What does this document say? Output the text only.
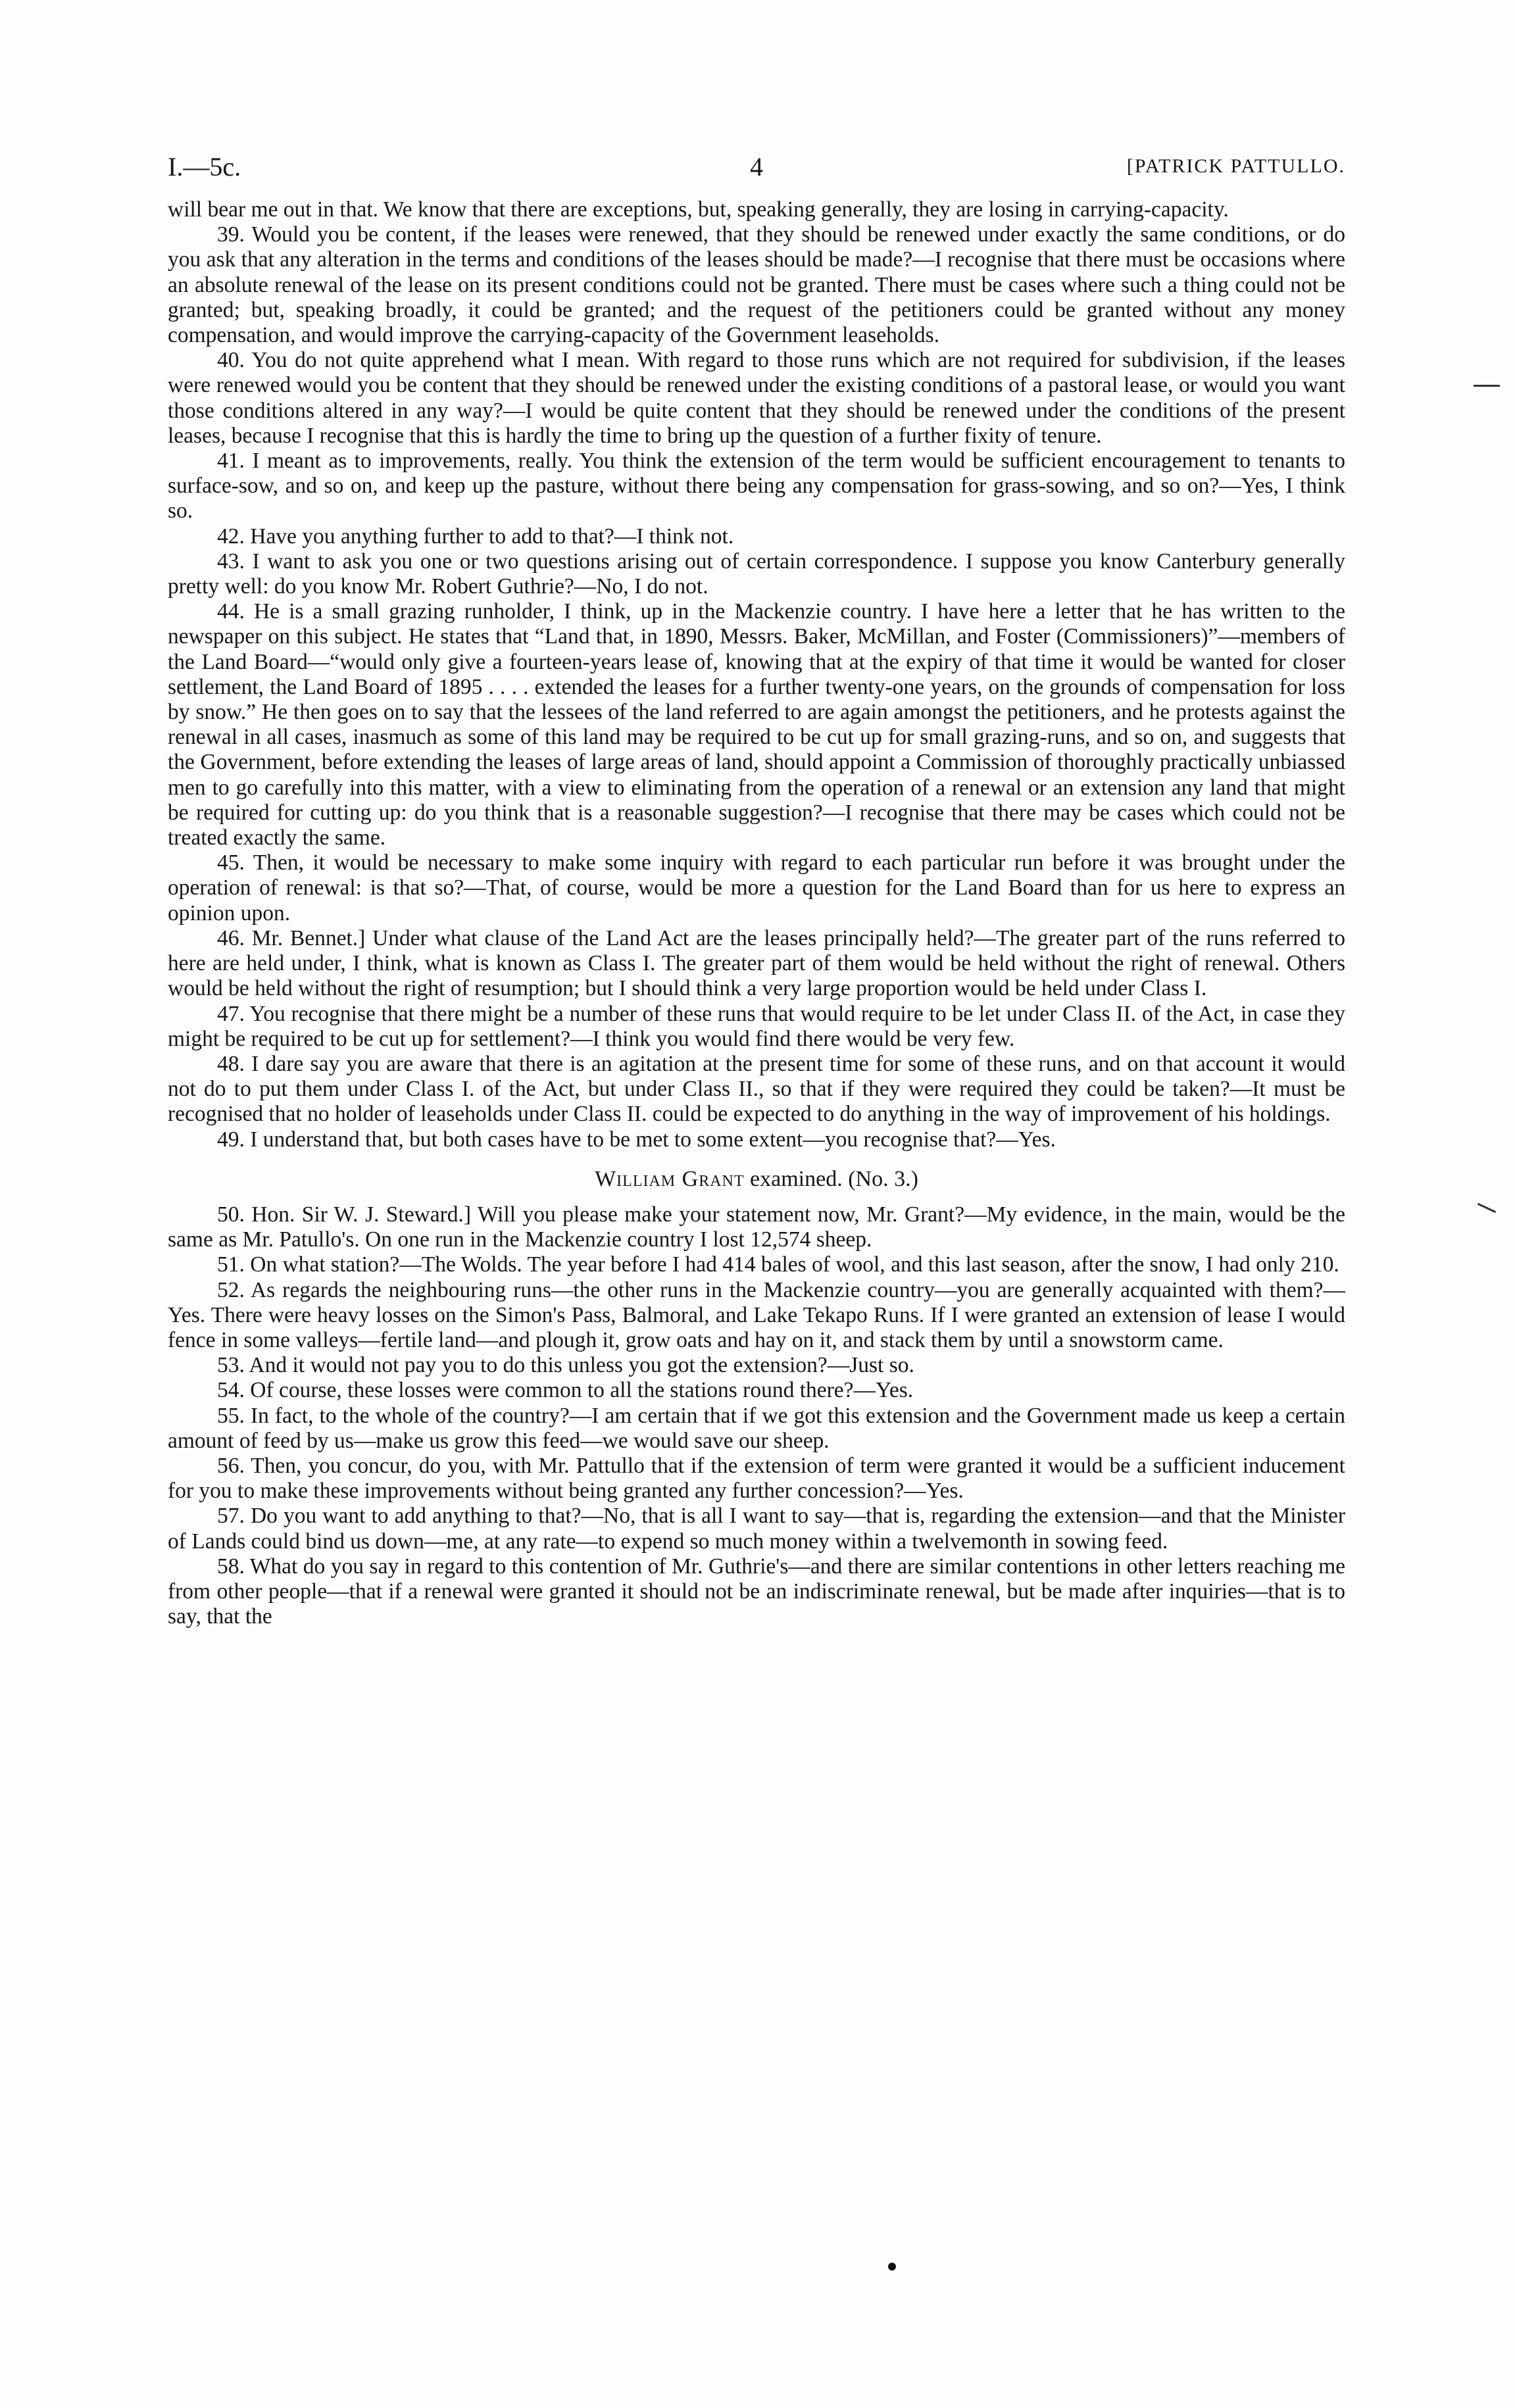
I.—5c.	4	[PATRICK PATTULLO.

will bear me out in that. We know that there are exceptions, but, speaking generally, they are losing in carrying-capacity.

39. Would you be content, if the leases were renewed, that they should be renewed under exactly the same conditions, or do you ask that any alteration in the terms and conditions of the leases should be made?—I recognise that there must be occasions where an absolute renewal of the lease on its present conditions could not be granted. There must be cases where such a thing could not be granted; but, speaking broadly, it could be granted; and the request of the petitioners could be granted without any money compensation, and would improve the carrying-capacity of the Government leaseholds.

40. You do not quite apprehend what I mean. With regard to those runs which are not required for subdivision, if the leases were renewed would you be content that they should be renewed under the existing conditions of a pastoral lease, or would you want those conditions altered in any way?—I would be quite content that they should be renewed under the conditions of the present leases, because I recognise that this is hardly the time to bring up the question of a further fixity of tenure.

41. I meant as to improvements, really. You think the extension of the term would be sufficient encouragement to tenants to surface-sow, and so on, and keep up the pasture, without there being any compensation for grass-sowing, and so on?—Yes, I think so.

42. Have you anything further to add to that?—I think not.

43. I want to ask you one or two questions arising out of certain correspondence. I suppose you know Canterbury generally pretty well: do you know Mr. Robert Guthrie?—No, I do not.

44. He is a small grazing runholder, I think, up in the Mackenzie country. I have here a letter that he has written to the newspaper on this subject. He states that “Land that, in 1890, Messrs. Baker, McMillan, and Foster (Commissioners)”—members of the Land Board—“would only give a fourteen-years lease of, knowing that at the expiry of that time it would be wanted for closer settlement, the Land Board of 1895 . . . . extended the leases for a further twenty-one years, on the grounds of compensation for loss by snow.” He then goes on to say that the lessees of the land referred to are again amongst the petitioners, and he protests against the renewal in all cases, inasmuch as some of this land may be required to be cut up for small grazing-runs, and so on, and suggests that the Government, before extending the leases of large areas of land, should appoint a Commission of thoroughly practically unbiassed men to go carefully into this matter, with a view to eliminating from the operation of a renewal or an extension any land that might be required for cutting up: do you think that is a reasonable suggestion?—I recognise that there may be cases which could not be treated exactly the same.

45. Then, it would be necessary to make some inquiry with regard to each particular run before it was brought under the operation of renewal: is that so?—That, of course, would be more a question for the Land Board than for us here to express an opinion upon.

46. Mr. Bennet.] Under what clause of the Land Act are the leases principally held?—The greater part of the runs referred to here are held under, I think, what is known as Class I. The greater part of them would be held without the right of renewal. Others would be held without the right of resumption; but I should think a very large proportion would be held under Class I.

47. You recognise that there might be a number of these runs that would require to be let under Class II. of the Act, in case they might be required to be cut up for settlement?—I think you would find there would be very few.

48. I dare say you are aware that there is an agitation at the present time for some of these runs, and on that account it would not do to put them under Class I. of the Act, but under Class II., so that if they were required they could be taken?—It must be recognised that no holder of leaseholds under Class II. could be expected to do anything in the way of improvement of his holdings.

49. I understand that, but both cases have to be met to some extent—you recognise that?—Yes.

William Grant examined. (No. 3.)

50. Hon. Sir W. J. Steward.] Will you please make your statement now, Mr. Grant?—My evidence, in the main, would be the same as Mr. Patullo's. On one run in the Mackenzie country I lost 12,574 sheep.

51. On what station?—The Wolds. The year before I had 414 bales of wool, and this last season, after the snow, I had only 210.

52. As regards the neighbouring runs—the other runs in the Mackenzie country—you are generally acquainted with them?—Yes. There were heavy losses on the Simon's Pass, Balmoral, and Lake Tekapo Runs. If I were granted an extension of lease I would fence in some valleys—fertile land—and plough it, grow oats and hay on it, and stack them by until a snowstorm came.

53. And it would not pay you to do this unless you got the extension?—Just so.

54. Of course, these losses were common to all the stations round there?—Yes.

55. In fact, to the whole of the country?—I am certain that if we got this extension and the Government made us keep a certain amount of feed by us—make us grow this feed—we would save our sheep.

56. Then, you concur, do you, with Mr. Pattullo that if the extension of term were granted it would be a sufficient inducement for you to make these improvements without being granted any further concession?—Yes.

57. Do you want to add anything to that?—No, that is all I want to say—that is, regarding the extension—and that the Minister of Lands could bind us down—me, at any rate—to expend so much money within a twelvemonth in sowing feed.

58. What do you say in regard to this contention of Mr. Guthrie's—and there are similar contentions in other letters reaching me from other people—that if a renewal were granted it should not be an indiscriminate renewal, but be made after inquiries—that is to say, that the
